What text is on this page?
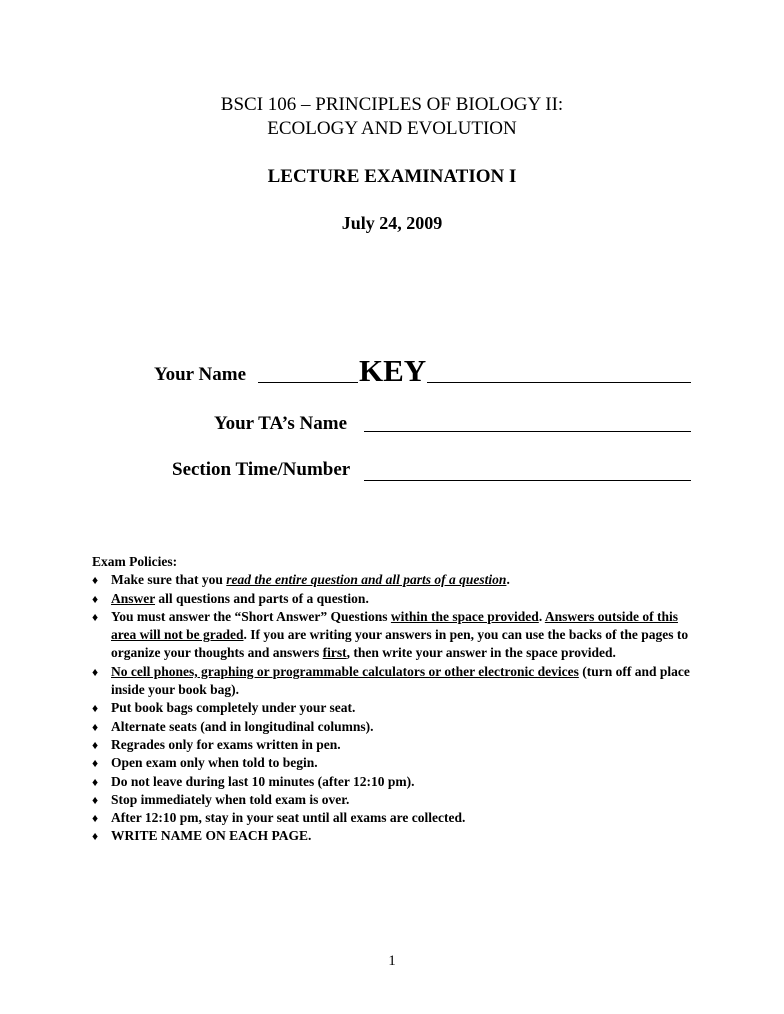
BSCI 106 – PRINCIPLES OF BIOLOGY II:
ECOLOGY AND EVOLUTION
LECTURE EXAMINATION I
July 24, 2009
Your Name	KEY
Your TA’s Name
Section Time/Number
Exam Policies:
♦ Make sure that you read the entire question and all parts of a question.
♦ Answer all questions and parts of a question.
♦ You must answer the “Short Answer” Questions within the space provided. Answers outside of this area will not be graded. If you are writing your answers in pen, you can use the backs of the pages to organize your thoughts and answers first, then write your answer in the space provided.
♦ No cell phones, graphing or programmable calculators or other electronic devices (turn off and place inside your book bag).
♦ Put book bags completely under your seat.
♦ Alternate seats (and in longitudinal columns).
♦ Regrades only for exams written in pen.
♦ Open exam only when told to begin.
♦ Do not leave during last 10 minutes (after 12:10 pm).
♦ Stop immediately when told exam is over.
♦ After 12:10 pm, stay in your seat until all exams are collected.
♦ WRITE NAME ON EACH PAGE.
1
